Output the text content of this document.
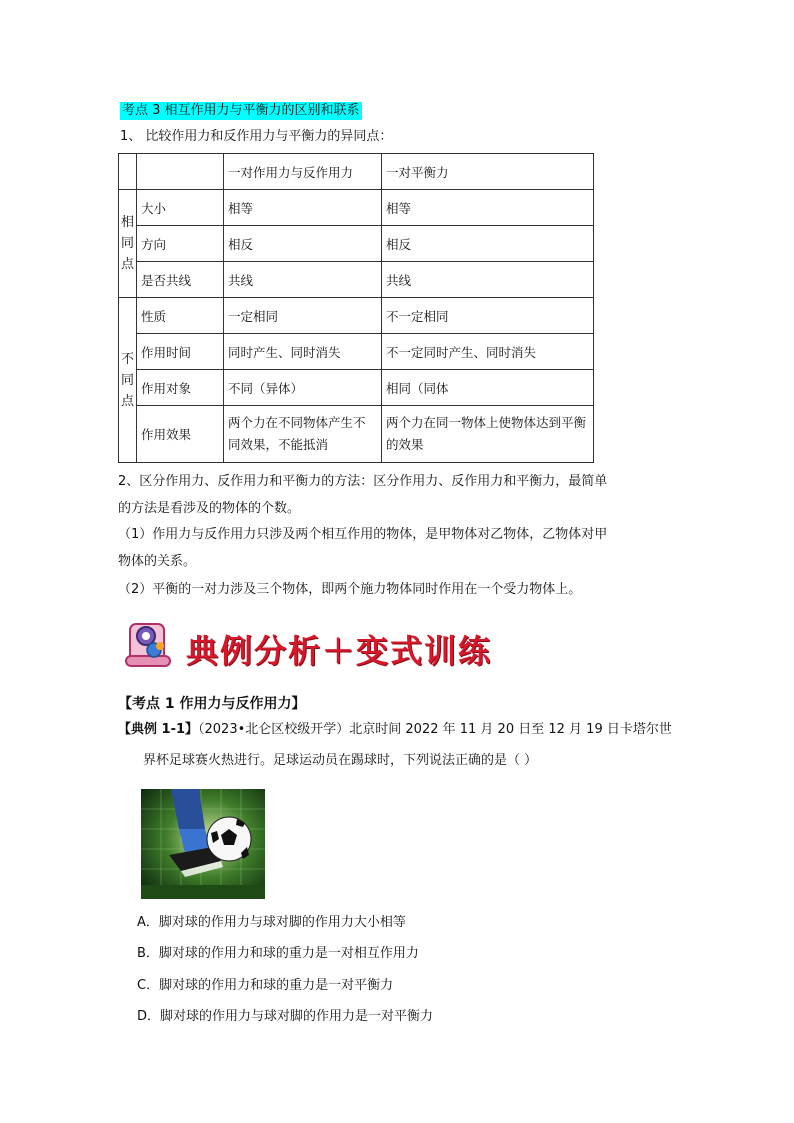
考点 3 相互作用力与平衡力的区别和联系
1、 比较作用力和反作用力与平衡力的异同点：
		一对作用力与反作用力	一对平衡力
相同点	大小	相等	相等
	方向	相反	相反
	是否共线	共线	共线
不同点	性质	一定相同	不一定相同
	作用时间	同时产生、同时消失	不一定同时产生、同时消失
	作用对象	不同（异体）	相同（同体
	作用效果	两个力在不同物体产生不同效果，不能抵消	两个力在同一物体上使物体达到平衡的效果
2、区分作用力、反作用力和平衡力的方法：区分作用力、反作用力和平衡力，最简单的方法是看涉及的物体的个数。
（1）作用力与反作用力只涉及两个相互作用的物体，是甲物体对乙物体，乙物体对甲物体的关系。
（2）平衡的一对力涉及三个物体，即两个施力物体同时作用在一个受力物体上。
典例分析＋变式训练
【考点 1 作用力与反作用力】
【典例 1-1】（2023•北仑区校级开学）北京时间 2022 年 11 月 20 日至 12 月 19 日卡塔尔世
界杯足球赛火热进行。足球运动员在踢球时，下列说法正确的是（ ）
A．脚对球的作用力与球对脚的作用力大小相等
B．脚对球的作用力和球的重力是一对相互作用力
C．脚对球的作用力和球的重力是一对平衡力
D．脚对球的作用力与球对脚的作用力是一对平衡力
